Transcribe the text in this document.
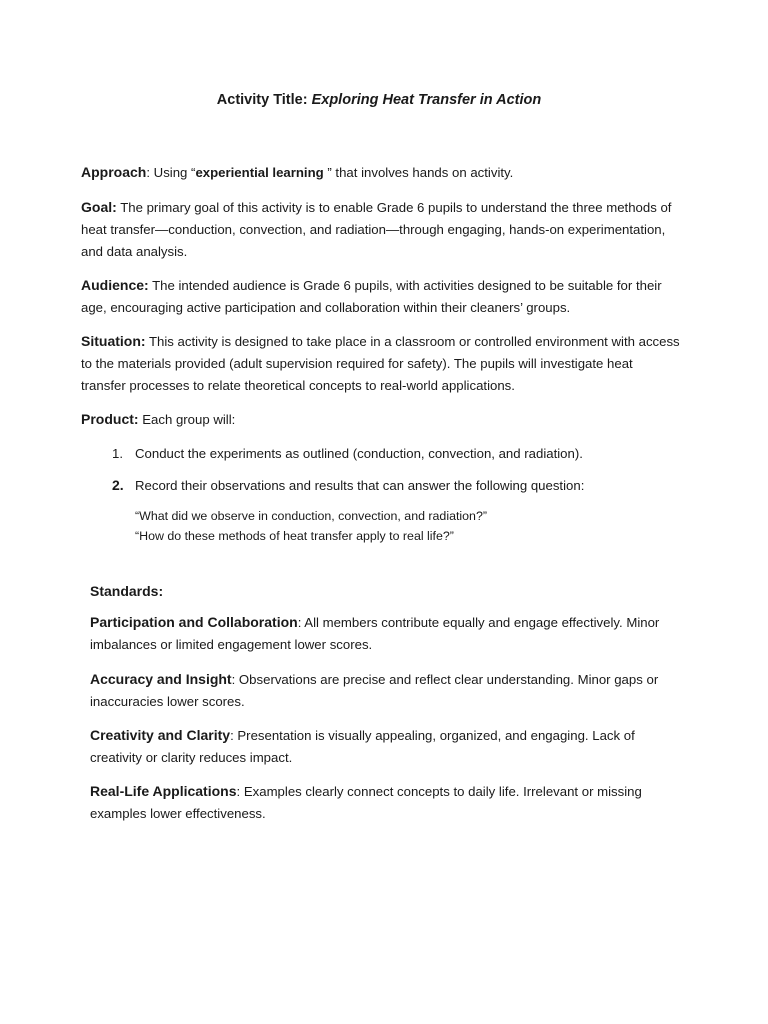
Activity Title: Exploring Heat Transfer in Action
Approach: Using “experiential learning ” that involves hands on activity.
Goal: The primary goal of this activity is to enable Grade 6 pupils to understand the three methods of heat transfer—conduction, convection, and radiation—through engaging, hands-on experimentation, and data analysis.
Audience: The intended audience is Grade 6 pupils, with activities designed to be suitable for their age, encouraging active participation and collaboration within their cleaners’ groups.
Situation: This activity is designed to take place in a classroom or controlled environment with access to the materials provided (adult supervision required for safety). The pupils will investigate heat transfer processes to relate theoretical concepts to real-world applications.
Product: Each group will:
1. Conduct the experiments as outlined (conduction, convection, and radiation).
2. Record their observations and results that can answer the following question:
“What did we observe in conduction, convection, and radiation?”
“How do these methods of heat transfer apply to real life?”
Standards:
Participation and Collaboration: All members contribute equally and engage effectively. Minor imbalances or limited engagement lower scores.
Accuracy and Insight: Observations are precise and reflect clear understanding. Minor gaps or inaccuracies lower scores.
Creativity and Clarity: Presentation is visually appealing, organized, and engaging. Lack of creativity or clarity reduces impact.
Real-Life Applications: Examples clearly connect concepts to daily life. Irrelevant or missing examples lower effectiveness.
